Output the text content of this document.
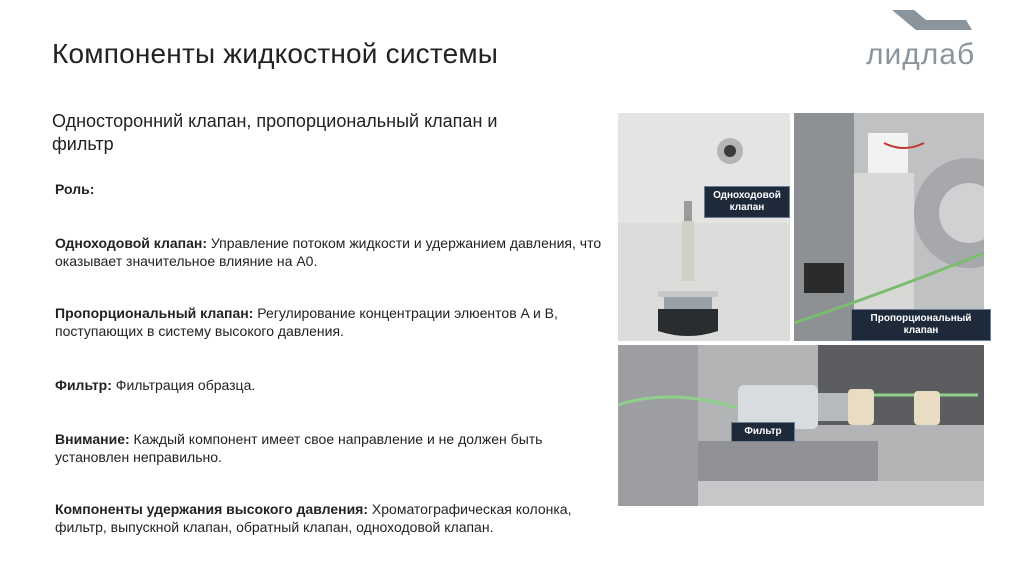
Компоненты жидкостной системы	лидлаб
Односторонний клапан, пропорциональный клапан и фильтр

Роль:

Одноходовой клапан: Управление потоком жидкости и удержанием давления, что оказывает значительное влияние на A0.

Пропорциональный клапан: Регулирование концентрации элюентов A и B, поступающих в систему высокого давления.

Фильтр: Фильтрация образца.

Внимание: Каждый компонент имеет свое направление и не должен быть установлен неправильно.

Компоненты удержания высокого давления: Хроматографическая колонка, фильтр, выпускной клапан, обратный клапан, одноходовой клапан.

Одноходовой клапан
Пропорциональный клапан
Фильтр
